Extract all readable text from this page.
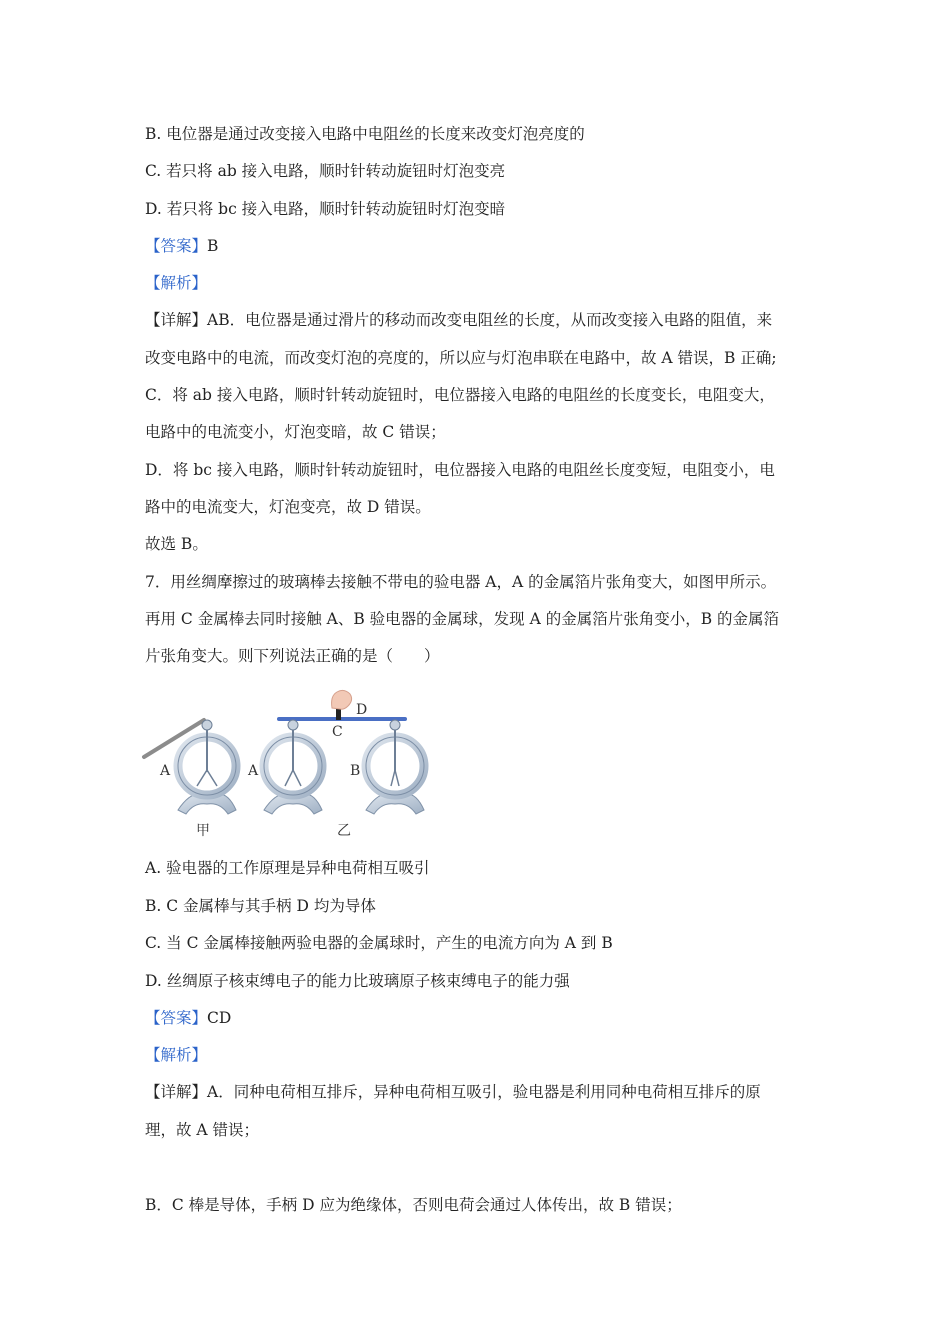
B. 电位器是通过改变接入电路中电阻丝的长度来改变灯泡亮度的
C. 若只将 ab 接入电路，顺时针转动旋钮时灯泡变亮
D. 若只将 bc 接入电路，顺时针转动旋钮时灯泡变暗
【答案】B
【解析】
【详解】AB．电位器是通过滑片的移动而改变电阻丝的长度，从而改变接入电路的阻值，来
改变电路中的电流，而改变灯泡的亮度的，所以应与灯泡串联在电路中，故 A 错误，B 正确;
C．将 ab 接入电路，顺时针转动旋钮时，电位器接入电路的电阻丝的长度变长，电阻变大，
电路中的电流变小，灯泡变暗，故 C 错误；
D．将 bc 接入电路，顺时针转动旋钮时，电位器接入电路的电阻丝长度变短，电阻变小，电
路中的电流变大，灯泡变亮，故 D 错误。
故选 B。
7．用丝绸摩擦过的玻璃棒去接触不带电的验电器 A，A 的金属箔片张角变大，如图甲所示。
再用 C 金属棒去同时接触 A、B 验电器的金属球，发现 A 的金属箔片张角变小，B 的金属箔
片张角变大。则下列说法正确的是（　　）
A
甲
D
C
A	B
乙
A. 验电器的工作原理是异种电荷相互吸引
B. C 金属棒与其手柄 D 均为导体
C. 当 C 金属棒接触两验电器的金属球时，产生的电流方向为 A 到 B
D. 丝绸原子核束缚电子的能力比玻璃原子核束缚电子的能力强
【答案】CD
【解析】
【详解】A．同种电荷相互排斥，异种电荷相互吸引，验电器是利用同种电荷相互排斥的原
理，故 A 错误；
B．C 棒是导体，手柄 D 应为绝缘体，否则电荷会通过人体传出，故 B 错误；
